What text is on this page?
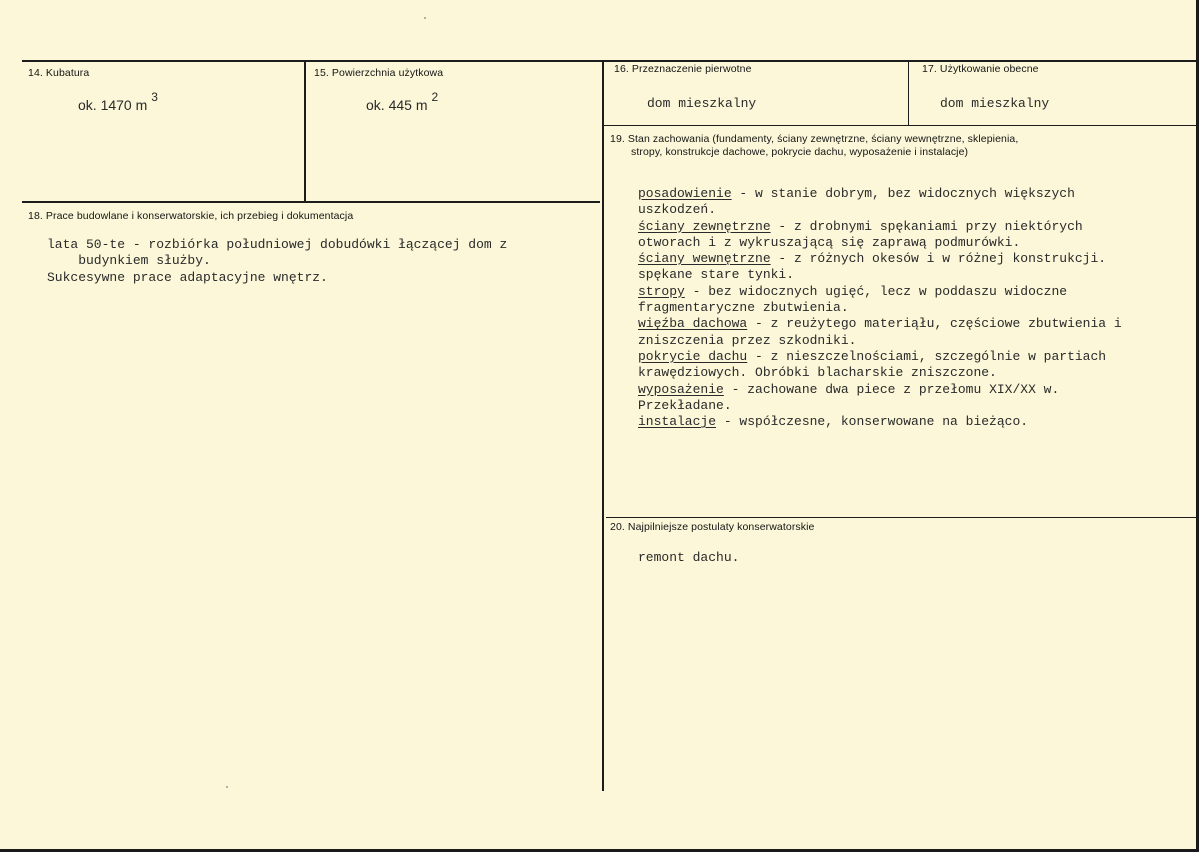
14. Kubatura
ok. 1470 m 3
15. Powierzchnia użytkowa
ok. 445 m 2
16. Przeznaczenie pierwotne
dom mieszkalny
17. Użytkowanie obecne
dom mieszkalny
18. Prace budowlane i konserwatorskie, ich przebieg i dokumentacja
lata 50-te - rozbiórka południowej dobudówki łączącej dom z
budynkiem służby.
Sukcesywne prace adaptacyjne wnętrz.
19. Stan zachowania (fundamenty, ściany zewnętrzne, ściany wewnętrzne, sklepienia,
stropy, konstrukcje dachowe, pokrycie dachu, wyposażenie i instalacje)
posadowienie - w stanie dobrym, bez widocznych większych
uszkodzeń.
ściany zewnętrzne - z drobnymi spękaniami przy niektórych
otworach i z wykruszającą się zaprawą podmurówki.
ściany wewnętrzne - z różnych okesów i w różnej konstrukcji.
spękane stare tynki.
stropy - bez widocznych ugięć, lecz w poddaszu widoczne
fragmentaryczne zbutwienia.
więźba dachowa - z reużytego materiąłu, częściowe zbutwienia i
zniszczenia przez szkodniki.
pokrycie dachu - z nieszczelnościami, szczególnie w partiach
krawędziowych. Obróbki blacharskie zniszczone.
wyposażenie - zachowane dwa piece z przełomu XIX/XX w.
Przekładane.
instalacje - współczesne, konserwowane na bieżąco.
20. Najpilniejsze postulaty konserwatorskie
remont dachu.
